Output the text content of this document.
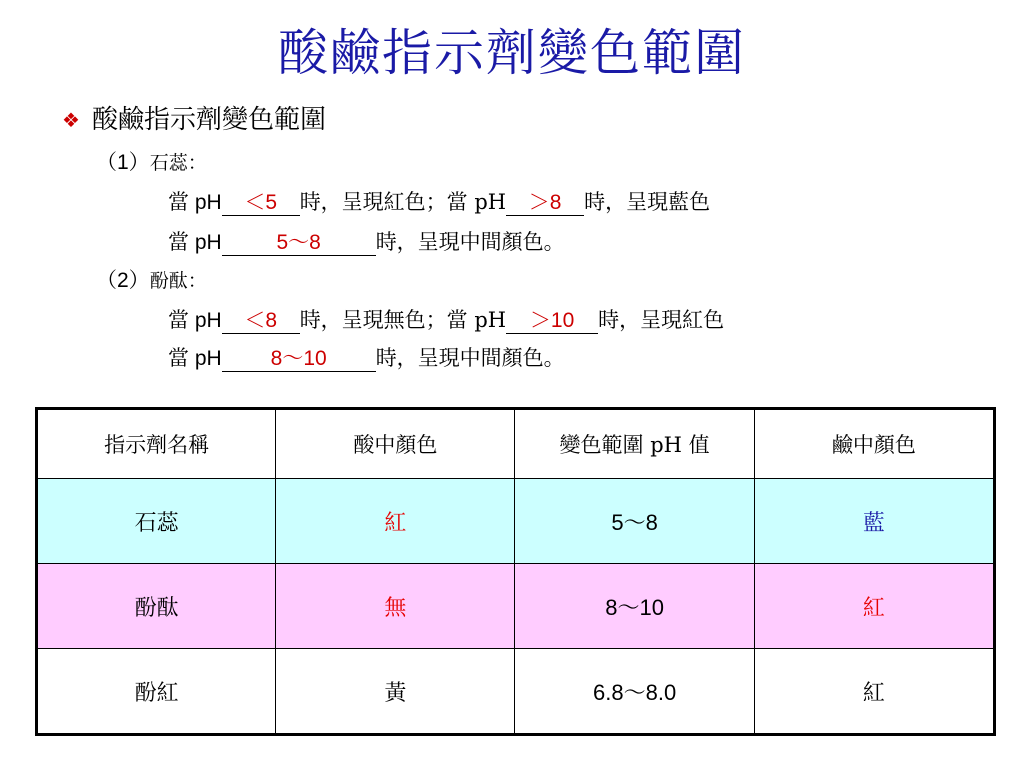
酸鹼指示劑變色範圍
❖ 酸鹼指示劑變色範圍
（1）石蕊：
當 pH ＜5 時，呈現紅色；當 pH ＞8 時，呈現藍色
當 pH	5～8	時，呈現中間顏色。
（2）酚酞：
當 pH ＜8 時，呈現無色；當 pH ＞10 時，呈現紅色
當 pH 8～10 時，呈現中間顏色。
指示劑名稱	酸中顏色	變色範圍 pH 值	鹼中顏色
石蕊	紅	5～8	藍
酚酞	無	8～10	紅
酚紅	黃	6.8～8.0	紅
